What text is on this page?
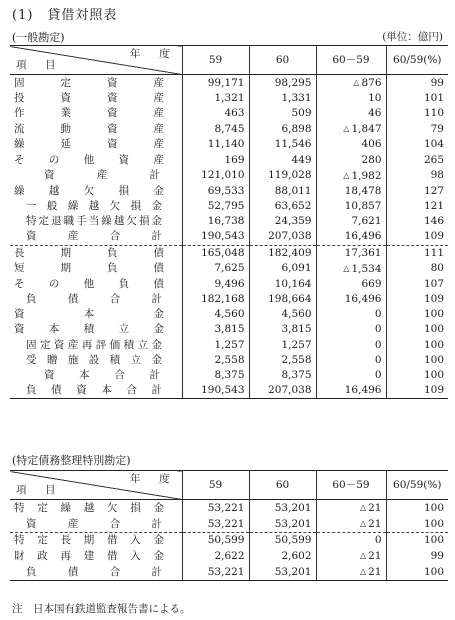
(1)　貸借対照表
(一般勘定)	(単位：億円)
年　度
項　目	59	60	60－59	60/59(%)

固定資産	99,171	98,295	△ 876	99

投資資産	1,321	1,331	10	101

作業資産	463	509	46	110

流動資産	8,745	6,898	△ 1,847	79

繰延資産	11,140	11,546	406	104

その他資産	169	449	280	265

資産計	121,010	119,028	△ 1,982	98

繰越欠損金	69,533	88,011	18,478	127

一般繰越欠損金	52,795	63,652	10,857	121

特定退職手当繰越欠損金	16,738	24,359	7,621	146

資産合計	190,543	207,038	16,496	109

長期負債	165,048	182,409	17,361	111

短期負債	7,625	6,091	△ 1,534	80

その他負債	9,496	10,164	669	107

負債合計	182,168	198,664	16,496	109

資本金	4,560	4,560	0	100

資本積立金	3,815	3,815	0	100

固定資産再評価積立金	1,257	1,257	0	100

受贈施設積立金	2,558	2,558	0	100

資本合計	8,375	8,375	0	100

負債資本合計	190,543	207,038	16,496	109
(特定債務整理特別勘定)
年　度
項　目	59	60	60－59	60/59(%)

特定繰越欠損金	53,221	53,201	△ 21	100

資産合計	53,221	53,201	△ 21	100

特定長期借入金	50,599	50,599	0	100

財政再建借入金	2,622	2,602	△ 21	99

負債合計	53,221	53,201	△ 21	100
注　日本国有鉄道監査報告書による。
